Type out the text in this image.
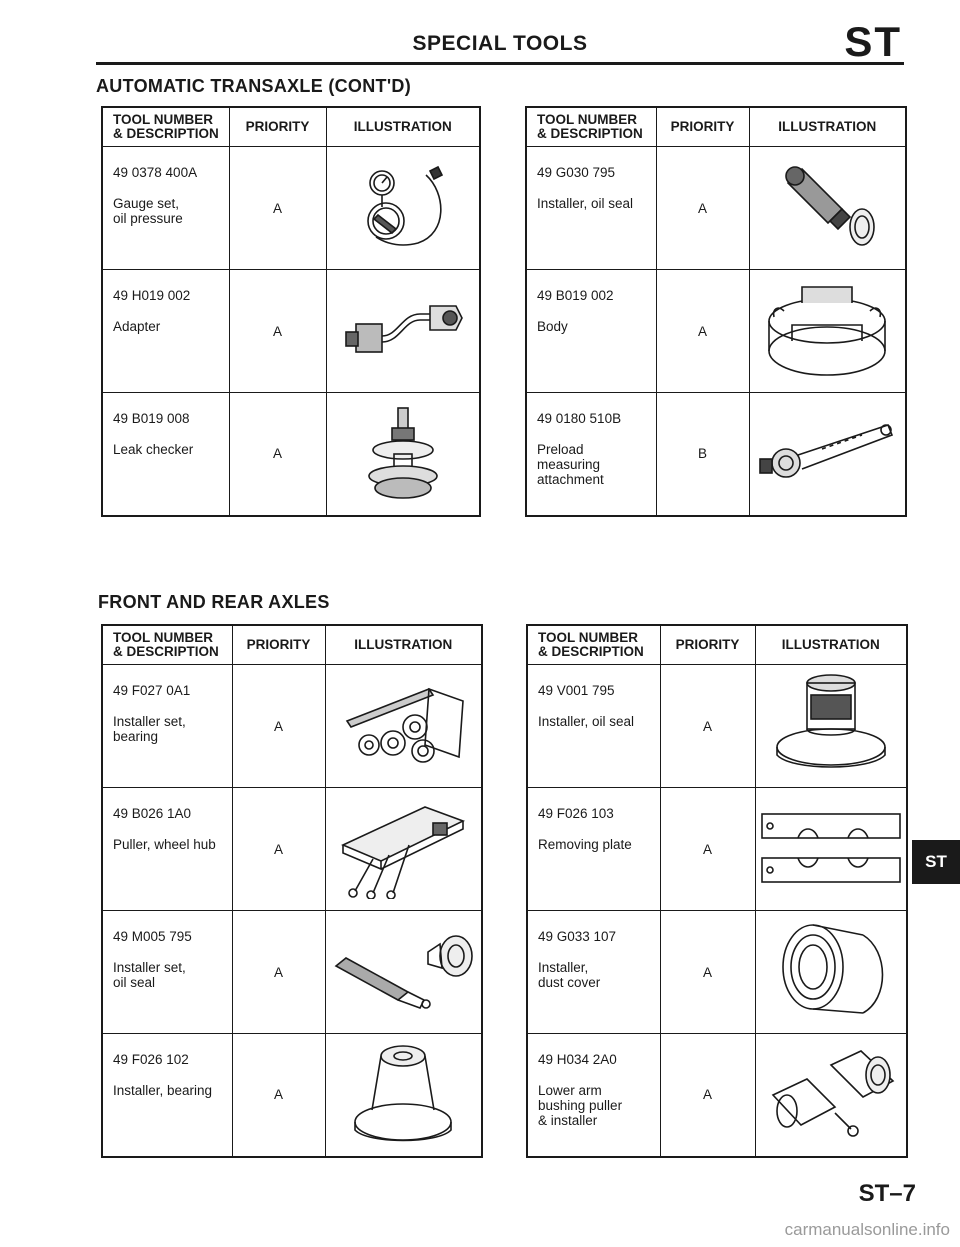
SPECIAL TOOLS	ST
AUTOMATIC TRANSAXLE (CONT'D)
TOOL NUMBER
& DESCRIPTION	PRIORITY	ILLUSTRATION

49 0378 400A
Gauge set,
oil pressure	A	

49 H019 002
Adapter	A	

49 B019 008
Leak checker	A	
TOOL NUMBER
& DESCRIPTION	PRIORITY	ILLUSTRATION

49 G030 795
Installer, oil seal	A	

49 B019 002
Body	A	

49 0180 510B
Preload
measuring
attachment	B	
FRONT AND REAR AXLES
TOOL NUMBER
& DESCRIPTION	PRIORITY	ILLUSTRATION

49 F027 0A1
Installer set,
bearing	A	

49 B026 1A0
Puller, wheel hub	A	

49 M005 795
Installer set,
oil seal	A	

49 F026 102
Installer, bearing	A	
TOOL NUMBER
& DESCRIPTION	PRIORITY	ILLUSTRATION

49 V001 795
Installer, oil seal	A	

49 F026 103
Removing plate	A	

49 G033 107
Installer,
dust cover	A	

49 H034 2A0
Lower arm
bushing puller
& installer	A	
ST
ST–7
carmanualsonline.info
